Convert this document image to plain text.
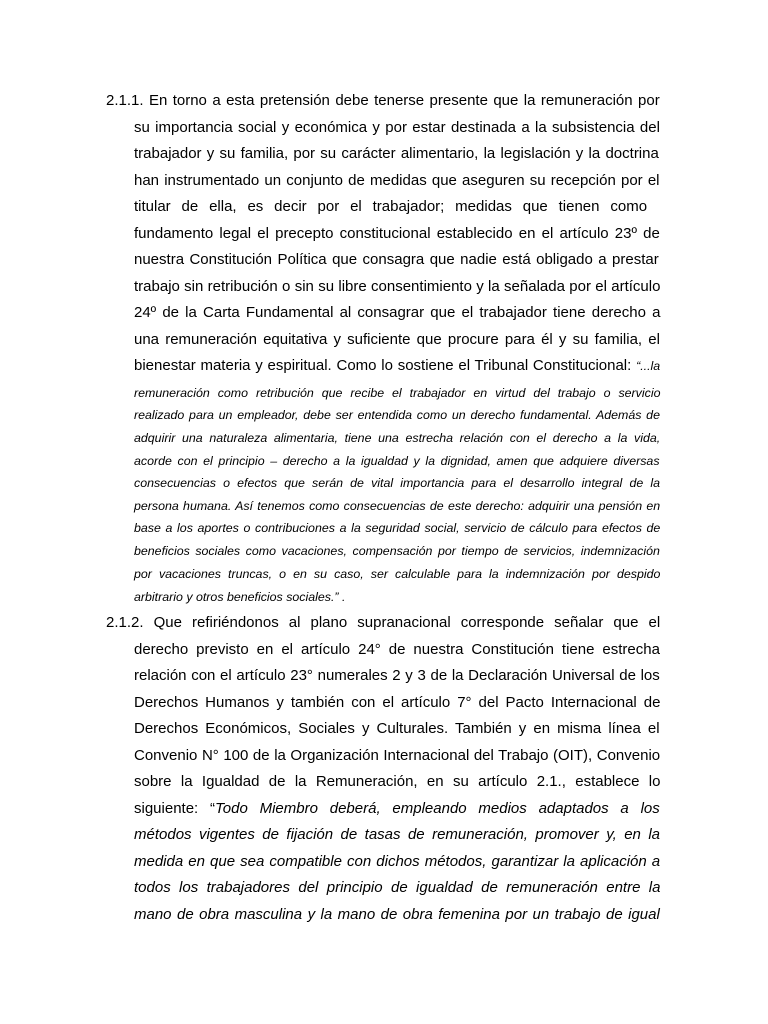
2.1.1. En torno a esta pretensión debe tenerse presente que la remuneración por
su importancia social y económica y por estar destinada a la subsistencia del
trabajador y su familia, por su carácter alimentario, la legislación y la doctrina
han instrumentado un conjunto de medidas que aseguren su recepción por el
titular de ella, es decir por el trabajador; medidas que tienen como
fundamento legal el precepto constitucional establecido en el artículo 23º de
nuestra Constitución Política que consagra que nadie está obligado a prestar
trabajo sin retribución o sin su libre consentimiento y la señalada por el artículo
24º de la Carta Fundamental al consagrar que el trabajador tiene derecho a
una remuneración equitativa y suficiente que procure para él y su familia, el
bienestar materia y espiritual. Como lo sostiene el Tribunal Constitucional: “...la
remuneración como retribución que recibe el trabajador en virtud del trabajo o servicio
realizado para un empleador, debe ser entendida como un derecho fundamental. Además de
adquirir una naturaleza alimentaria, tiene una estrecha relación con el derecho a la vida,
acorde con el principio – derecho a la igualdad y la dignidad, amen que adquiere diversas
consecuencias o efectos que serán de vital importancia para el desarrollo integral de la
persona humana. Así tenemos como consecuencias de este derecho: adquirir una pensión en
base a los aportes o contribuciones a la seguridad social, servicio de cálculo para efectos de
beneficios sociales como vacaciones, compensación por tiempo de servicios, indemnización
por vacaciones truncas, o en su caso, ser calculable para la indemnización por despido
arbitrario y otros beneficios sociales.” .
2.1.2. Que refiriéndonos al plano supranacional corresponde señalar que el
derecho previsto en el artículo 24° de nuestra Constitución tiene estrecha
relación con el artículo 23° numerales 2 y 3 de la Declaración Universal de los
Derechos Humanos y también con el artículo 7° del Pacto Internacional de
Derechos Económicos, Sociales y Culturales. También y en misma línea el
Convenio N° 100 de la Organización Internacional del Trabajo (OIT), Convenio
sobre la Igualdad de la Remuneración, en su artículo 2.1., establece lo
siguiente: “Todo Miembro deberá, empleando medios adaptados a los
métodos vigentes de fijación de tasas de remuneración, promover y, en la
medida en que sea compatible con dichos métodos, garantizar la aplicación a
todos los trabajadores del principio de igualdad de remuneración entre la
mano de obra masculina y la mano de obra femenina por un trabajo de igual
